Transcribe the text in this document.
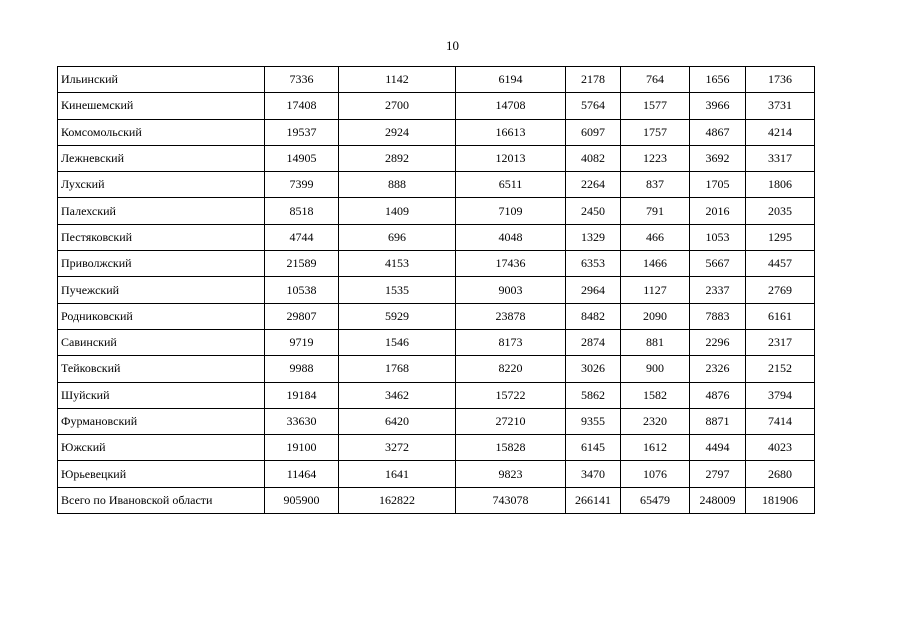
10
Ильинский	7336	1142	6194	2178	764	1656	1736
Кинешемский	17408	2700	14708	5764	1577	3966	3731
Комсомольский	19537	2924	16613	6097	1757	4867	4214
Лежневский	14905	2892	12013	4082	1223	3692	3317
Лухский	7399	888	6511	2264	837	1705	1806
Палехский	8518	1409	7109	2450	791	2016	2035
Пестяковский	4744	696	4048	1329	466	1053	1295
Приволжский	21589	4153	17436	6353	1466	5667	4457
Пучежский	10538	1535	9003	2964	1127	2337	2769
Родниковский	29807	5929	23878	8482	2090	7883	6161
Савинский	9719	1546	8173	2874	881	2296	2317
Тейковский	9988	1768	8220	3026	900	2326	2152
Шуйский	19184	3462	15722	5862	1582	4876	3794
Фурмановский	33630	6420	27210	9355	2320	8871	7414
Южский	19100	3272	15828	6145	1612	4494	4023
Юрьевецкий	11464	1641	9823	3470	1076	2797	2680
Всего по Ивановской области	905900	162822	743078	266141	65479	248009	181906
